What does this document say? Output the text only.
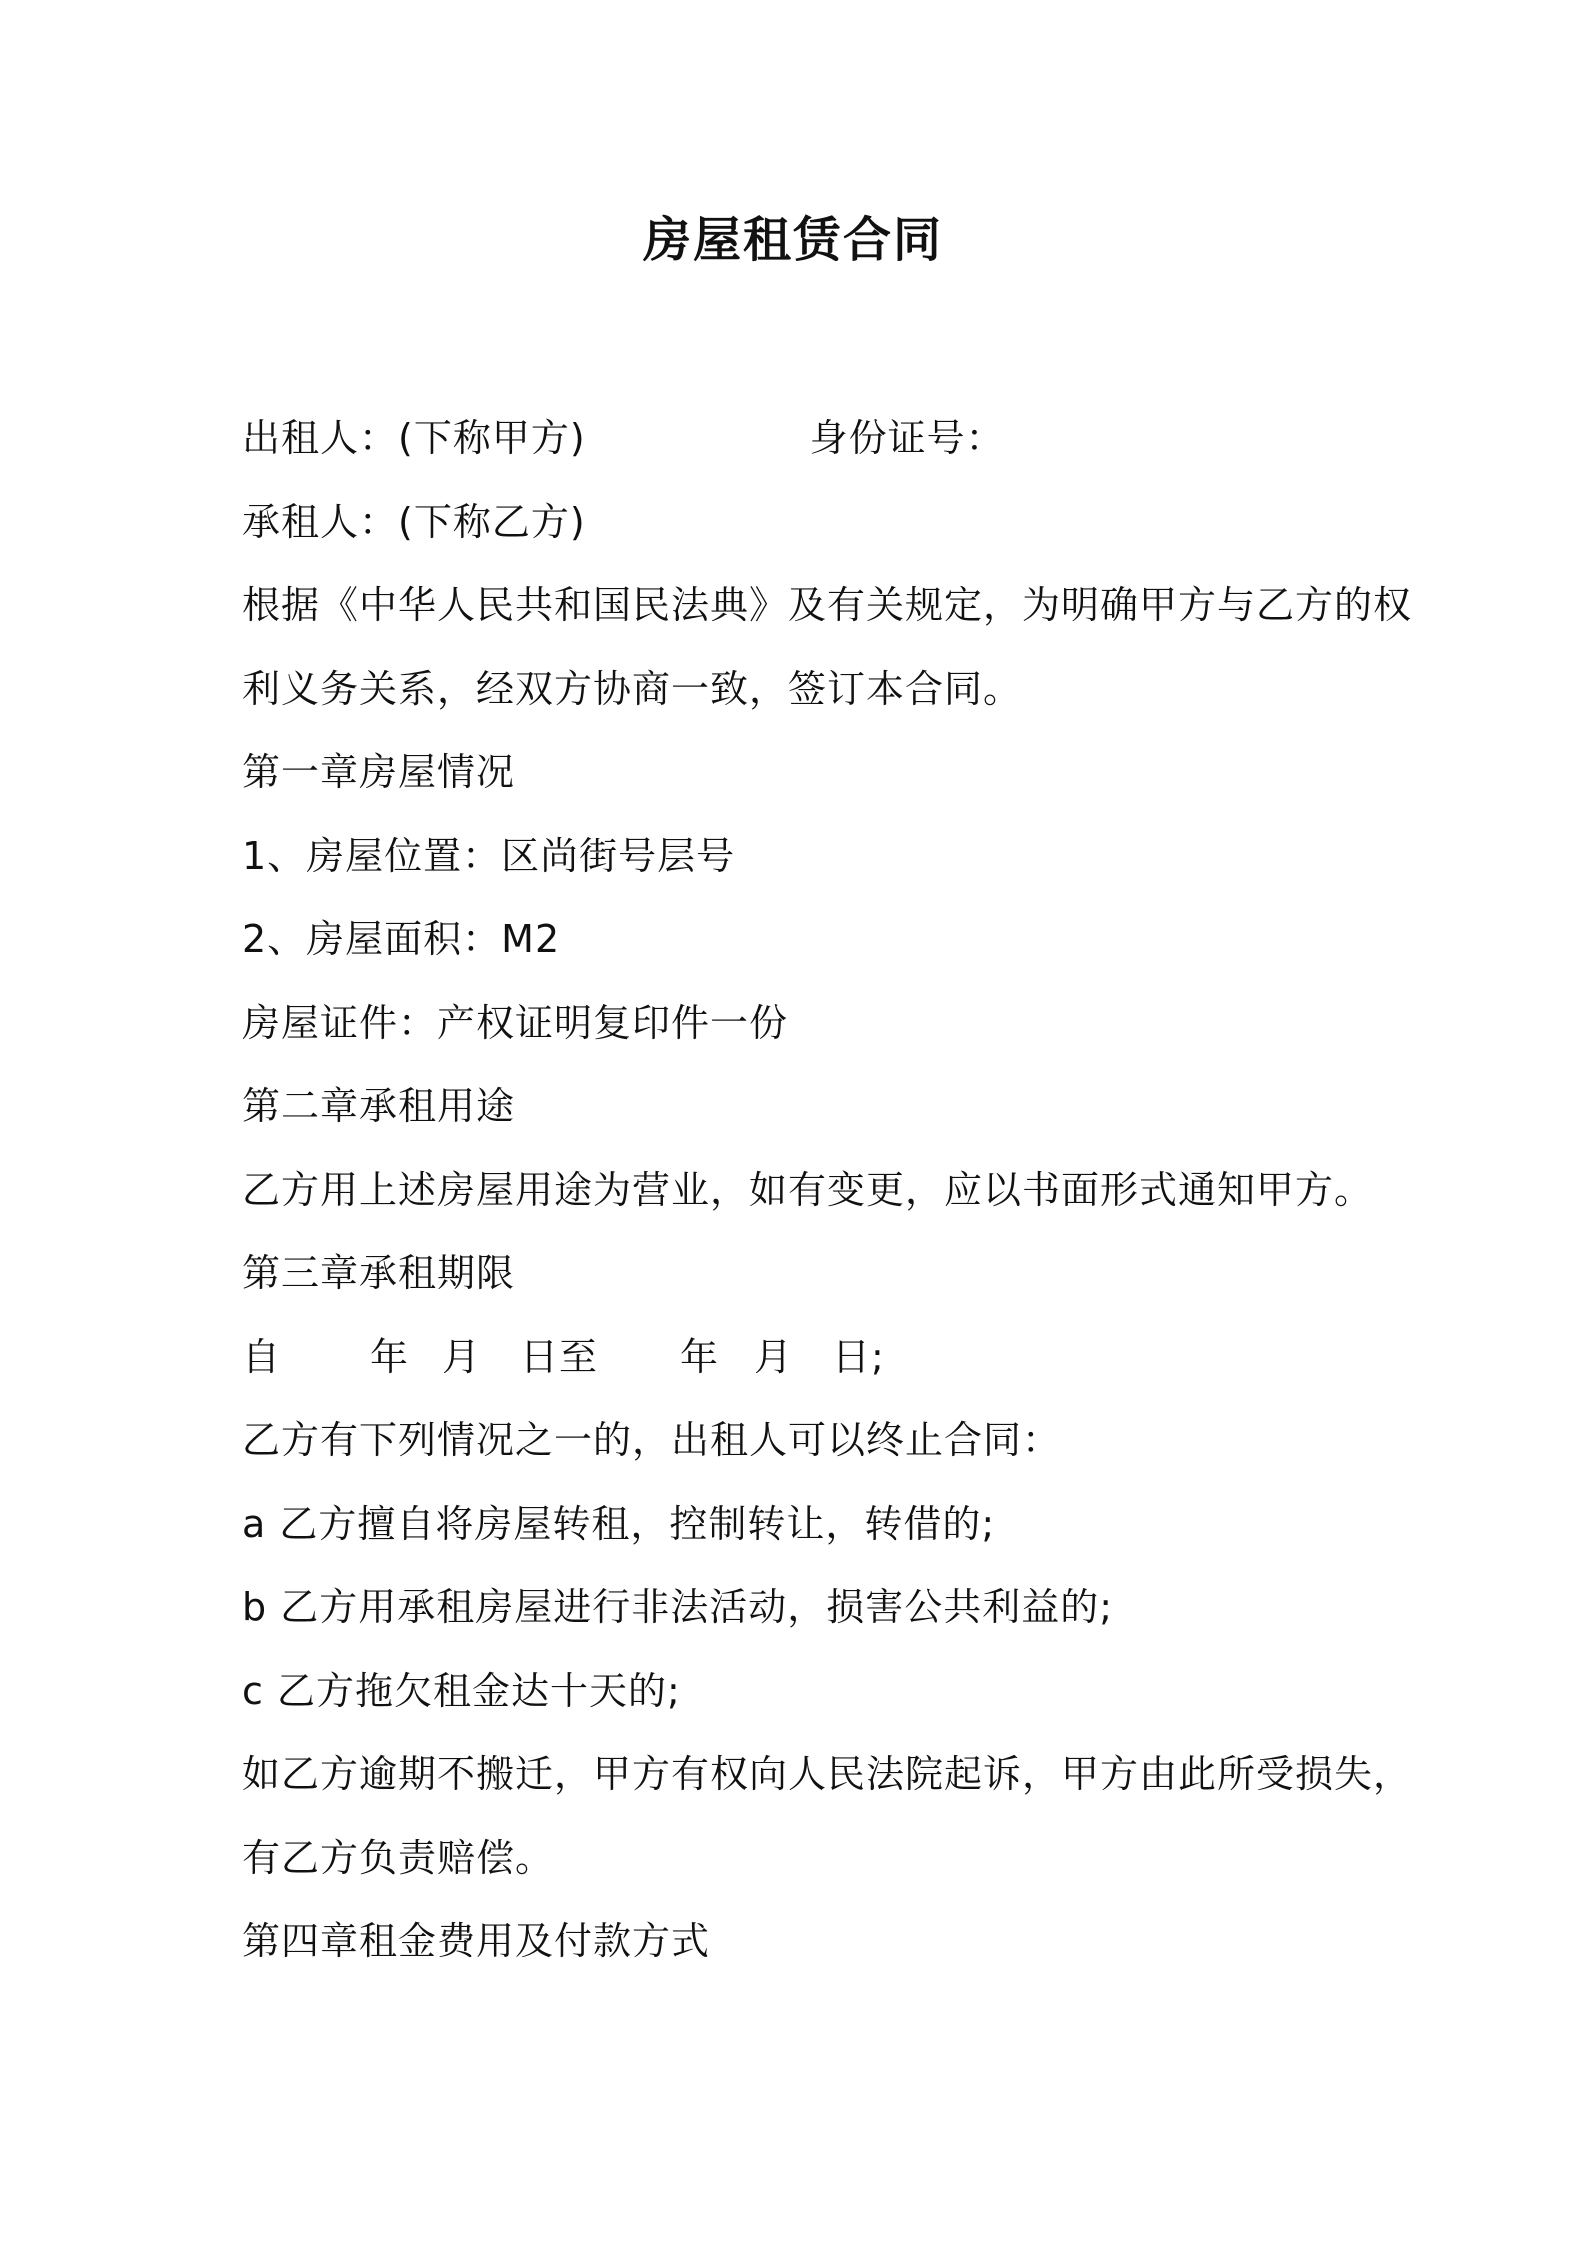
房屋租赁合同
出租人：(下称甲方)	身份证号：
承租人：(下称乙方)
根据《中华人民共和国民法典》及有关规定，为明确甲方与乙方的权
利义务关系，经双方协商一致，签订本合同。
第一章房屋情况
1、房屋位置：区尚街号层号
2、房屋面积：M2
房屋证件：产权证明复印件一份
第二章承租用途
乙方用上述房屋用途为营业，如有变更，应以书面形式通知甲方。
第三章承租期限
自 年 月 日至 年 月 日;
乙方有下列情况之一的，出租人可以终止合同：
a 乙方擅自将房屋转租，控制转让，转借的;
b 乙方用承租房屋进行非法活动，损害公共利益的;
c 乙方拖欠租金达十天的;
如乙方逾期不搬迁，甲方有权向人民法院起诉，甲方由此所受损失，
有乙方负责赔偿。
第四章租金费用及付款方式
